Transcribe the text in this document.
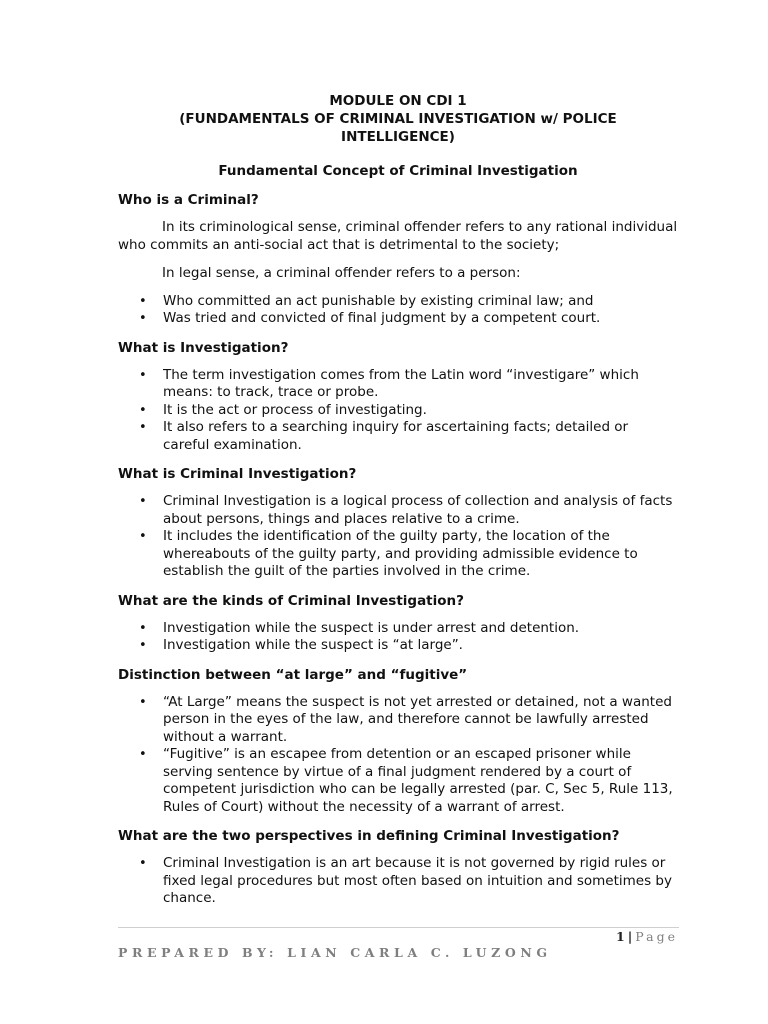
MODULE ON CDI 1
(FUNDAMENTALS OF CRIMINAL INVESTIGATION w/ POLICE INTELLIGENCE)
Fundamental Concept of Criminal Investigation
Who is a Criminal?

In its criminological sense, criminal offender refers to any rational individual who commits an anti-social act that is detrimental to the society;

In legal sense, a criminal offender refers to a person:

• Who committed an act punishable by existing criminal law; and
• Was tried and convicted of final judgment by a competent court.
What is Investigation?
• The term investigation comes from the Latin word “investigare” which means: to track, trace or probe.
• It is the act or process of investigating.
• It also refers to a searching inquiry for ascertaining facts; detailed or careful examination.
What is Criminal Investigation?
• Criminal Investigation is a logical process of collection and analysis of facts about persons, things and places relative to a crime.
• It includes the identification of the guilty party, the location of the whereabouts of the guilty party, and providing admissible evidence to establish the guilt of the parties involved in the crime.
What are the kinds of Criminal Investigation?
• Investigation while the suspect is under arrest and detention.
• Investigation while the suspect is “at large”.
Distinction between “at large” and “fugitive”
• “At Large” means the suspect is not yet arrested or detained, not a wanted person in the eyes of the law, and therefore cannot be lawfully arrested without a warrant.
• “Fugitive” is an escapee from detention or an escaped prisoner while serving sentence by virtue of a final judgment rendered by a court of competent jurisdiction who can be legally arrested (par. C, Sec 5, Rule 113, Rules of Court) without the necessity of a warrant of arrest.
What are the two perspectives in defining Criminal Investigation?
• Criminal Investigation is an art because it is not governed by rigid rules or fixed legal procedures but most often based on intuition and sometimes by chance.
1 | Page
PREPARED BY: LIAN CARLA C. LUZONG
